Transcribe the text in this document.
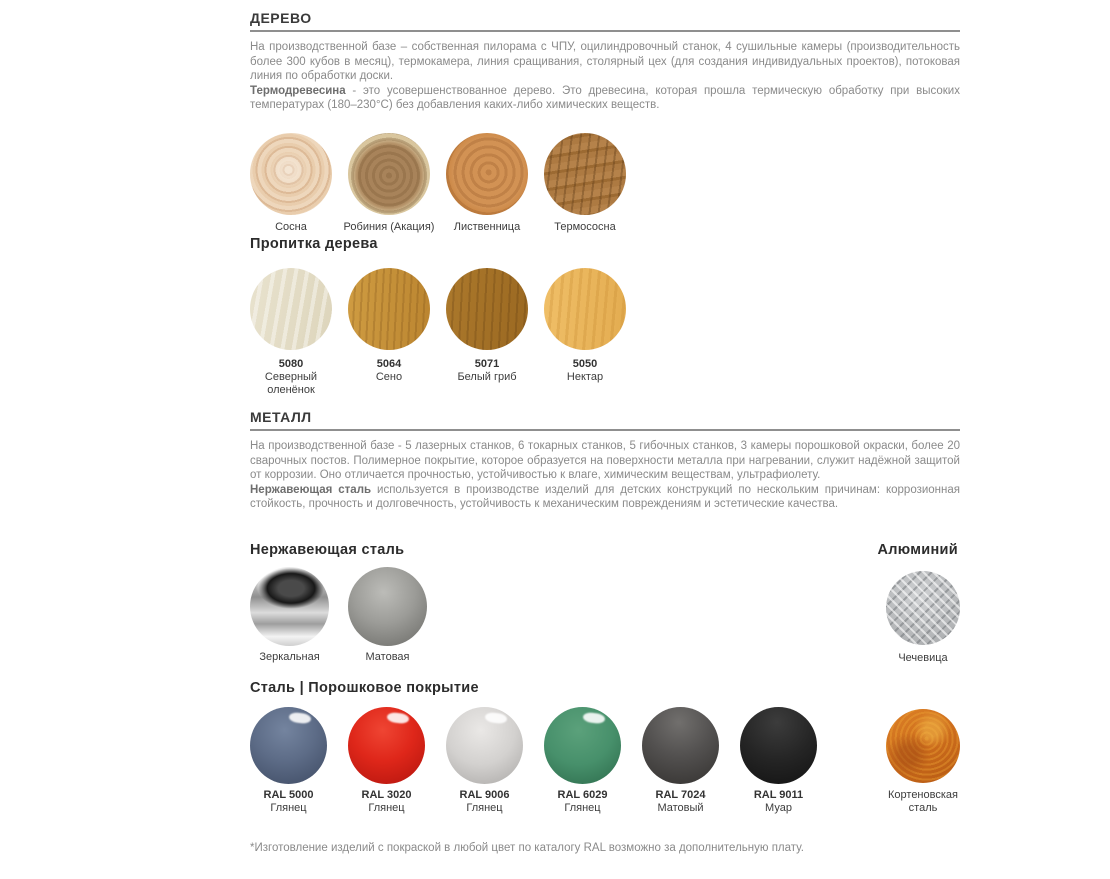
ДЕРЕВО

На производственной базе – собственная пилорама с ЧПУ, оцилиндровочный станок, 4 сушильные камеры (производительность более 300 кубов в месяц), термокамера, линия сращивания, столярный цех (для создания индивидуальных проектов), потоковая линия по обработки доски.

Термодревесина - это усовершенствованное дерево. Это древесина, которая прошла термическую обработку при высоких температурах (180–230°С) без добавления каких-либо химических веществ.

Сосна	Робиния (Акация) Лиственница	Термососна
Пропитка дерева
5080
Северный оленёнок
5064
Сено
5071
Белый гриб
5050
Нектар
МЕТАЛЛ

На производственной базе - 5 лазерных станков, 6 токарных станков, 5 гибочных станков, 3 камеры порошковой окраски, более 20 сварочных постов. Полимерное покрытие, которое образуется на поверхности металла при нагревании, служит надёжной защитой от коррозии. Оно отличается прочностью, устойчивостью к влаге, химическим веществам, ультрафиолету.

Нержавеющая сталь используется в производстве изделий для детских конструкций по нескольким причинам: коррозионная стойкость, прочность и долговечность, устойчивость к механическим повреждениям и эстетические качества.

Нержавеющая сталь	Алюминий
Зеркальная	Матовая	Чечевица
Сталь | Порошковое покрытие
RAL 5000
Глянец
RAL 3020
Глянец
RAL 9006
Глянец
RAL 6029
Глянец
RAL 7024
Матовый
RAL 9011
Муар
Кортеновская сталь
*Изготовление изделий с покраской в любой цвет по каталогу RAL возможно за дополнительную плату.
